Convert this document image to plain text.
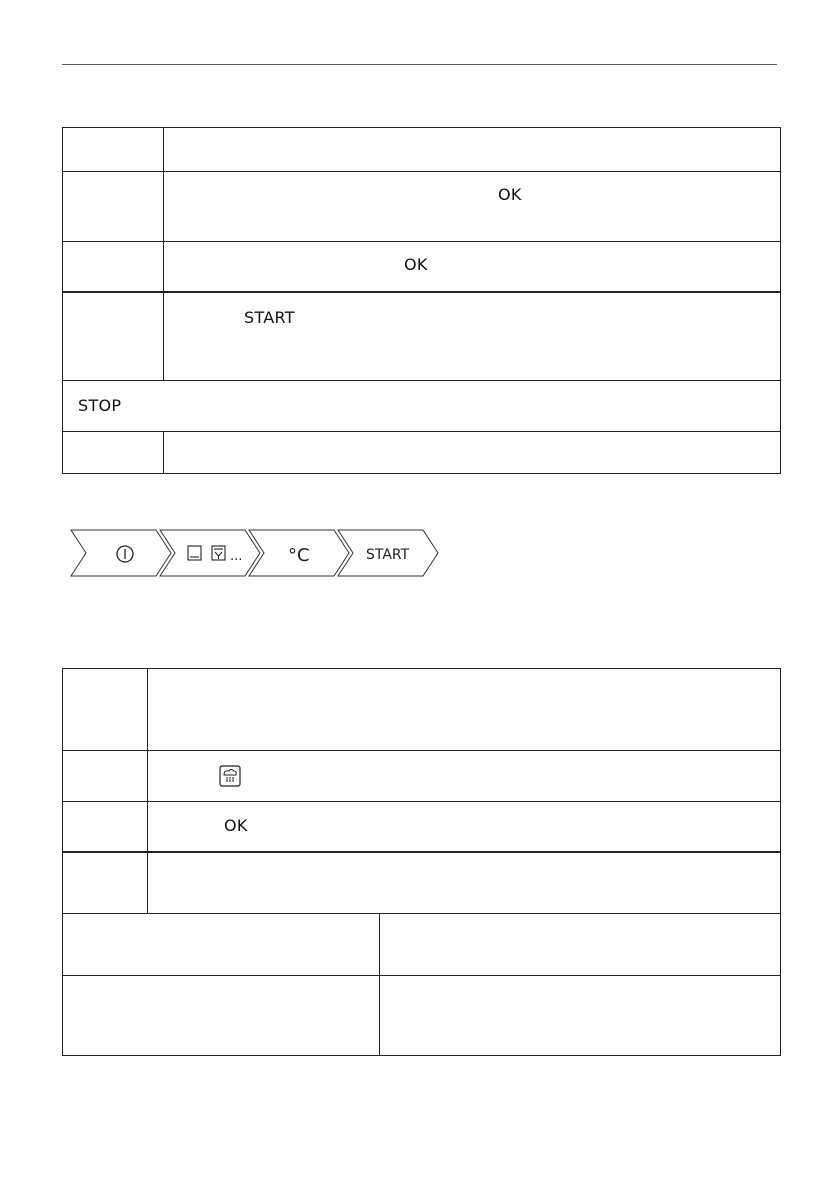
OK
OK
START
STOP
...	°C	START
OK
